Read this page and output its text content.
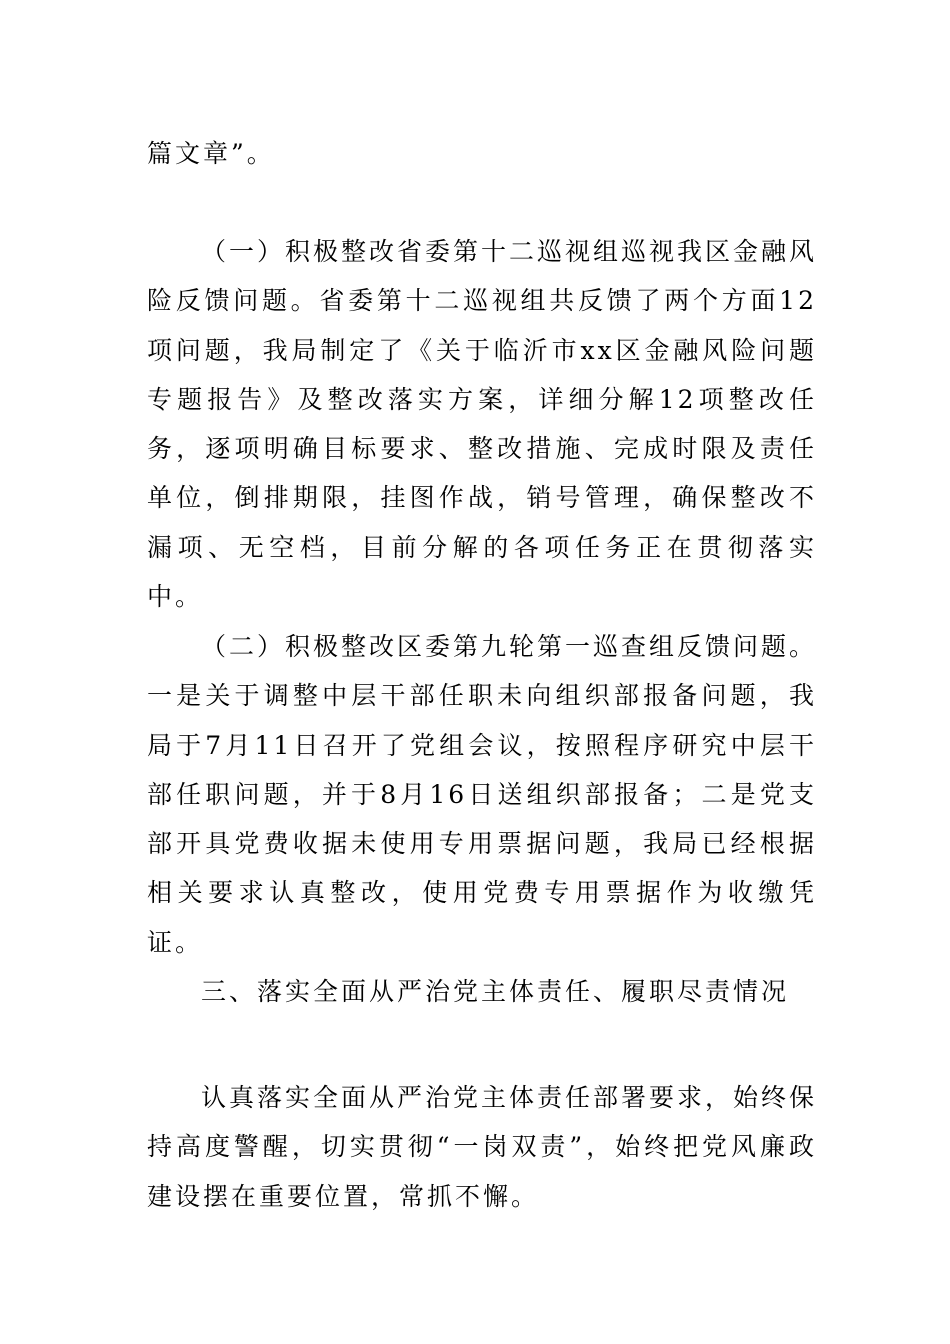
篇文章”。

（一）积极整改省委第十二巡视组巡视我区金融风险反馈问题。省委第十二巡视组共反馈了两个方面12项问题，我局制定了《关于临沂市xx区金融风险问题专题报告》及整改落实方案，详细分解12项整改任务，逐项明确目标要求、整改措施、完成时限及责任单位，倒排期限，挂图作战，销号管理，确保整改不漏项、无空档，目前分解的各项任务正在贯彻落实中。

（二）积极整改区委第九轮第一巡查组反馈问题。一是关于调整中层干部任职未向组织部报备问题，我局于7月11日召开了党组会议，按照程序研究中层干部任职问题，并于8月16日送组织部报备；二是党支部开具党费收据未使用专用票据问题，我局已经根据相关要求认真整改，使用党费专用票据作为收缴凭证。

三、落实全面从严治党主体责任、履职尽责情况

认真落实全面从严治党主体责任部署要求，始终保持高度警醒，切实贯彻“一岗双责”，始终把党风廉政建设摆在重要位置，常抓不懈。
